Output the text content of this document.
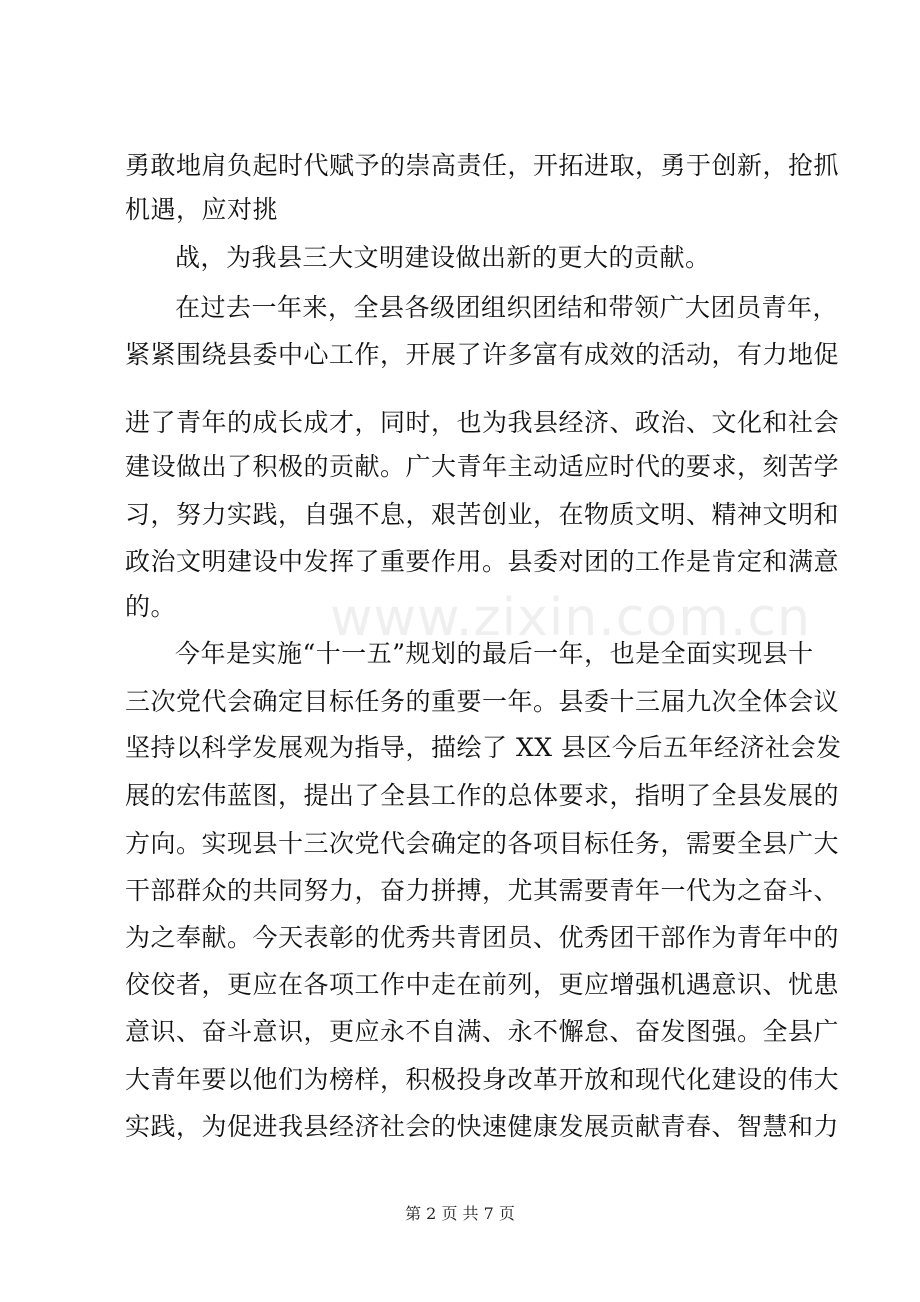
www.zixin.com.cn
勇敢地肩负起时代赋予的崇高责任，开拓进取，勇于创新，抢抓
机遇，应对挑
战，为我县三大文明建设做出新的更大的贡献。
在过去一年来，全县各级团组织团结和带领广大团员青年，
紧紧围绕县委中心工作，开展了许多富有成效的活动，有力地促
进了青年的成长成才，同时，也为我县经济、政治、文化和社会
建设做出了积极的贡献。广大青年主动适应时代的要求，刻苦学
习，努力实践，自强不息，艰苦创业，在物质文明、精神文明和
政治文明建设中发挥了重要作用。县委对团的工作是肯定和满意
的。
今年是实施“十一五”规划的最后一年，也是全面实现县十
三次党代会确定目标任务的重要一年。县委十三届九次全体会议
坚持以科学发展观为指导，描绘了 XX 县区今后五年经济社会发
展的宏伟蓝图，提出了全县工作的总体要求，指明了全县发展的
方向。实现县十三次党代会确定的各项目标任务，需要全县广大
干部群众的共同努力，奋力拼搏，尤其需要青年一代为之奋斗、
为之奉献。今天表彰的优秀共青团员、优秀团干部作为青年中的
佼佼者，更应在各项工作中走在前列，更应增强机遇意识、忧患
意识、奋斗意识，更应永不自满、永不懈怠、奋发图强。全县广
大青年要以他们为榜样，积极投身改革开放和现代化建设的伟大
实践，为促进我县经济社会的快速健康发展贡献青春、智慧和力
第 2 页 共 7 页
